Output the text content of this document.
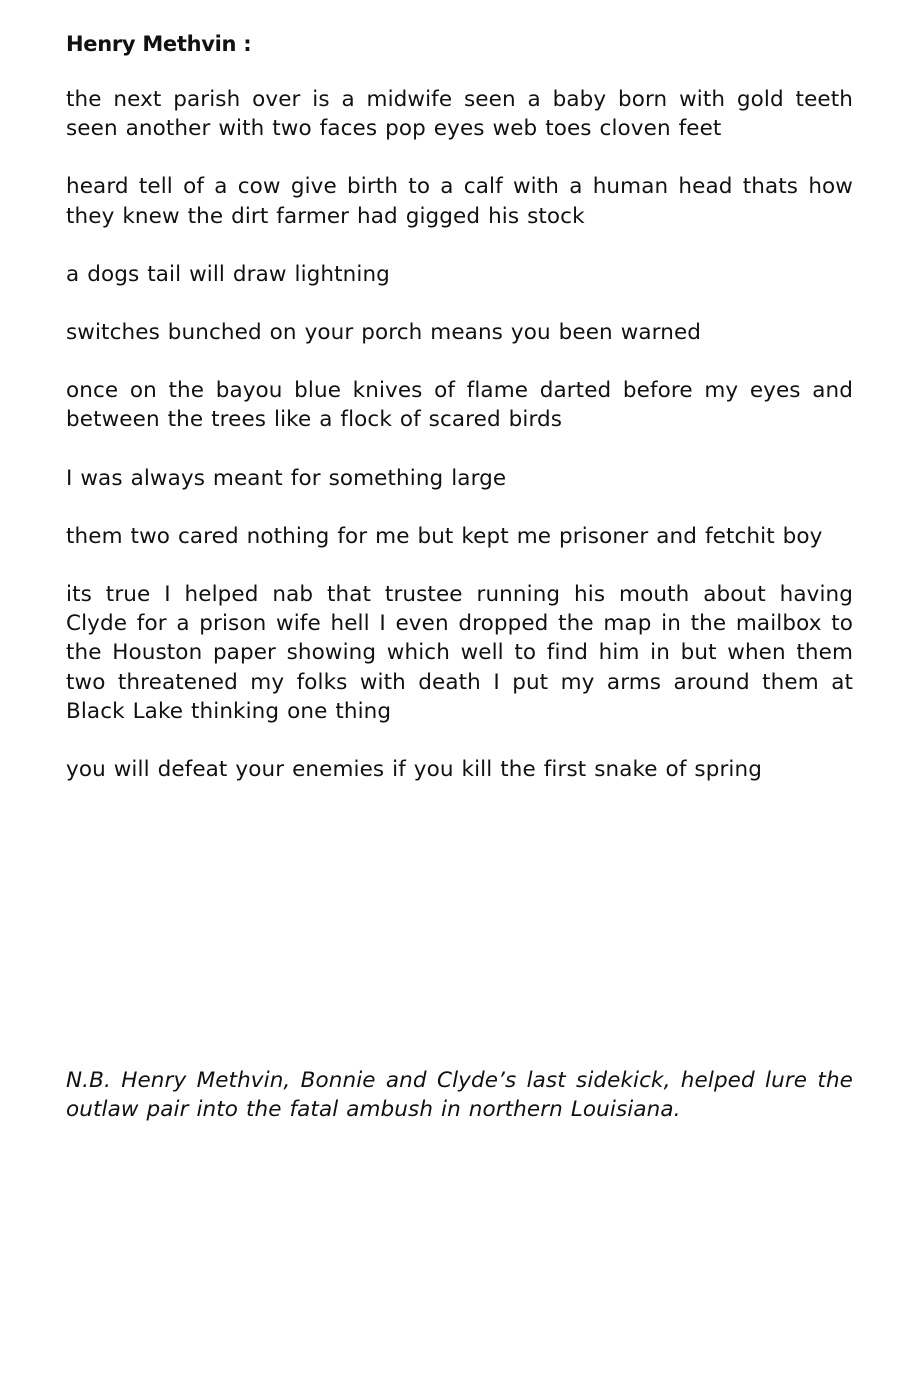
Henry Methvin :

the next parish over is a midwife seen a baby born with gold teeth seen another with two faces pop eyes web toes cloven feet

heard tell of a cow give birth to a calf with a human head thats how they knew the dirt farmer had gigged his stock

a dogs tail will draw lightning

switches bunched on your porch means you been warned

once on the bayou blue knives of flame darted before my eyes and between the trees like a flock of scared birds

I was always meant for something large

them two cared nothing for me but kept me prisoner and fetchit boy

its true I helped nab that trustee running his mouth about having Clyde for a prison wife hell I even dropped the map in the mailbox to the Houston paper showing which well to find him in but when them two threatened my folks with death I put my arms around them at Black Lake thinking one thing

you will defeat your enemies if you kill the first snake of spring

N.B. Henry Methvin, Bonnie and Clyde’s last sidekick, helped lure the outlaw pair into the fatal ambush in northern Louisiana.
